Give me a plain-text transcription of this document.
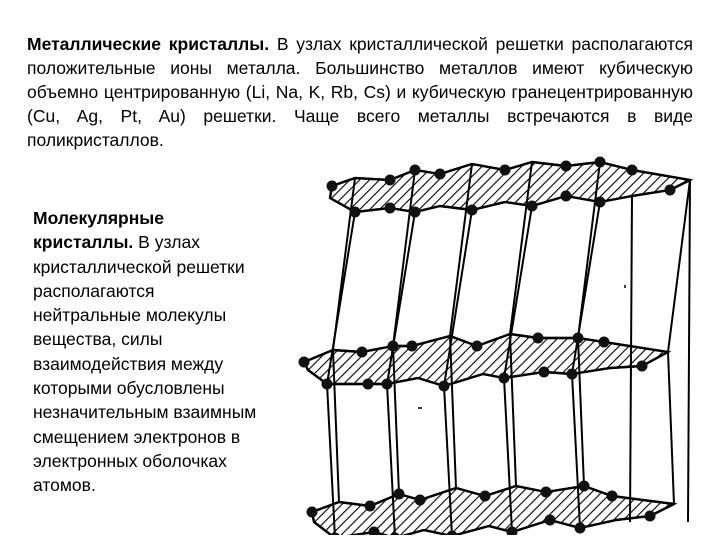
Металлические кристаллы. В узлах кристаллической решетки располагаются положительные ионы металла. Большинство металлов имеют кубическую объемно центрированную (Li, Na, K, Rb, Cs) и кубическую гранецентрированную (Cu, Ag, Pt, Au) решетки. Чаще всего металлы встречаются в виде поликристаллов.
Молекулярные кристаллы. В узлах кристаллической решетки располагаются нейтральные молекулы вещества, силы взаимодействия между которыми обусловлены незначительным взаимным смещением электронов в электронных оболочках атомов.
